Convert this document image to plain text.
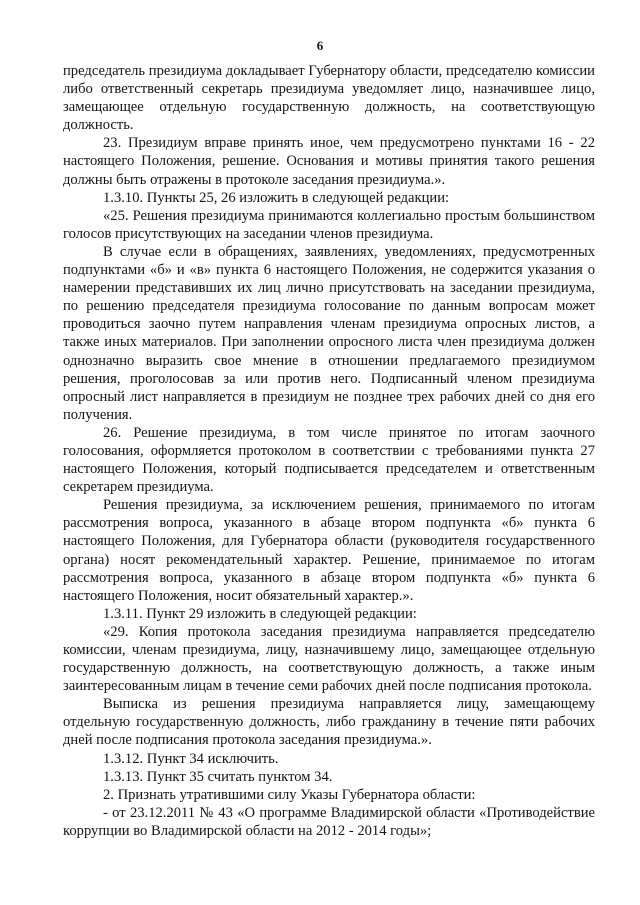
6

председатель президиума докладывает Губернатору области, председателю комиссии либо ответственный секретарь президиума уведомляет лицо, назначившее лицо, замещающее отдельную государственную должность, на соответствующую должность.

23. Президиум вправе принять иное, чем предусмотрено пунктами 16 - 22 настоящего Положения, решение. Основания и мотивы принятия такого решения должны быть отражены в протоколе заседания президиума.».

1.3.10. Пункты 25, 26 изложить в следующей редакции:

«25. Решения президиума принимаются коллегиально простым большинством голосов присутствующих на заседании членов президиума.

В случае если в обращениях, заявлениях, уведомлениях, предусмотренных подпунктами «б» и «в» пункта 6 настоящего Положения, не содержится указания о намерении представивших их лиц лично присутствовать на заседании президиума, по решению председателя президиума голосование по данным вопросам может проводиться заочно путем направления членам президиума опросных листов, а также иных материалов. При заполнении опросного листа член президиума должен однозначно выразить свое мнение в отношении предлагаемого президиумом решения, проголосовав за или против него. Подписанный членом президиума опросный лист направляется в президиум не позднее трех рабочих дней со дня его получения.

26. Решение президиума, в том числе принятое по итогам заочного голосования, оформляется протоколом в соответствии с требованиями пункта 27 настоящего Положения, который подписывается председателем и ответственным секретарем президиума.

Решения президиума, за исключением решения, принимаемого по итогам рассмотрения вопроса, указанного в абзаце втором подпункта «б» пункта 6 настоящего Положения, для Губернатора области (руководителя государственного органа) носят рекомендательный характер. Решение, принимаемое по итогам рассмотрения вопроса, указанного в абзаце втором подпункта «б» пункта 6 настоящего Положения, носит обязательный характер.».

1.3.11. Пункт 29 изложить в следующей редакции:

«29. Копия протокола заседания президиума направляется председателю комиссии, членам президиума, лицу, назначившему лицо, замещающее отдельную государственную должность, на соответствующую должность, а также иным заинтересованным лицам в течение семи рабочих дней после подписания протокола.

Выписка из решения президиума направляется лицу, замещающему отдельную государственную должность, либо гражданину в течение пяти рабочих дней после подписания протокола заседания президиума.».

1.3.12. Пункт 34 исключить.

1.3.13. Пункт 35 считать пунктом 34.

2. Признать утратившими силу Указы Губернатора области:

- от 23.12.2011 № 43 «О программе Владимирской области «Противодействие коррупции во Владимирской области на 2012 - 2014 годы»;
